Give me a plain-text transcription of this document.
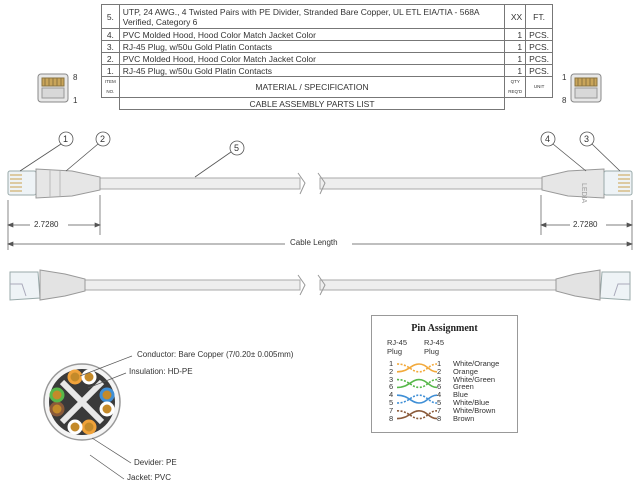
5.	UTP, 24 AWG., 4 Twisted Pairs with PE Divider, Stranded Bare Copper, UL ETL EIA/TIA - 568A Verified, Category 6	XX	FT.
4.	PVC Molded Hood, Hood Color Match Jacket Color	1	PCS.
3.	RJ-45 Plug, w/50u Gold Platin Contacts	1	PCS.
2.	PVC Molded Hood, Hood Color Match Jacket Color	1	PCS.
1.	RJ-45 Plug, w/50u Gold Platin Contacts	1	PCS.
ITEM NO.	MATERIAL / SPECIFICATION	QTY REQ'D	UNIT
	CABLE ASSEMBLY PARTS LIST		
8
1
1
8
LEDIA
1	2
5
4	3
2.7280	2.7280
Cable Length
Conductor: Bare Copper (7/0.20± 0.005mm)
Insulation: HD-PE
Devider: PE
Jacket: PVC
Pin Assignment
RJ-45 Plug
RJ-45 Plug
1	1 White/Orange
2	2 Orange
3	3 White/Green
6	6 Green
4	4 Blue
5	5 White/Blue
7	7 White/Brown
8	8 Brown
